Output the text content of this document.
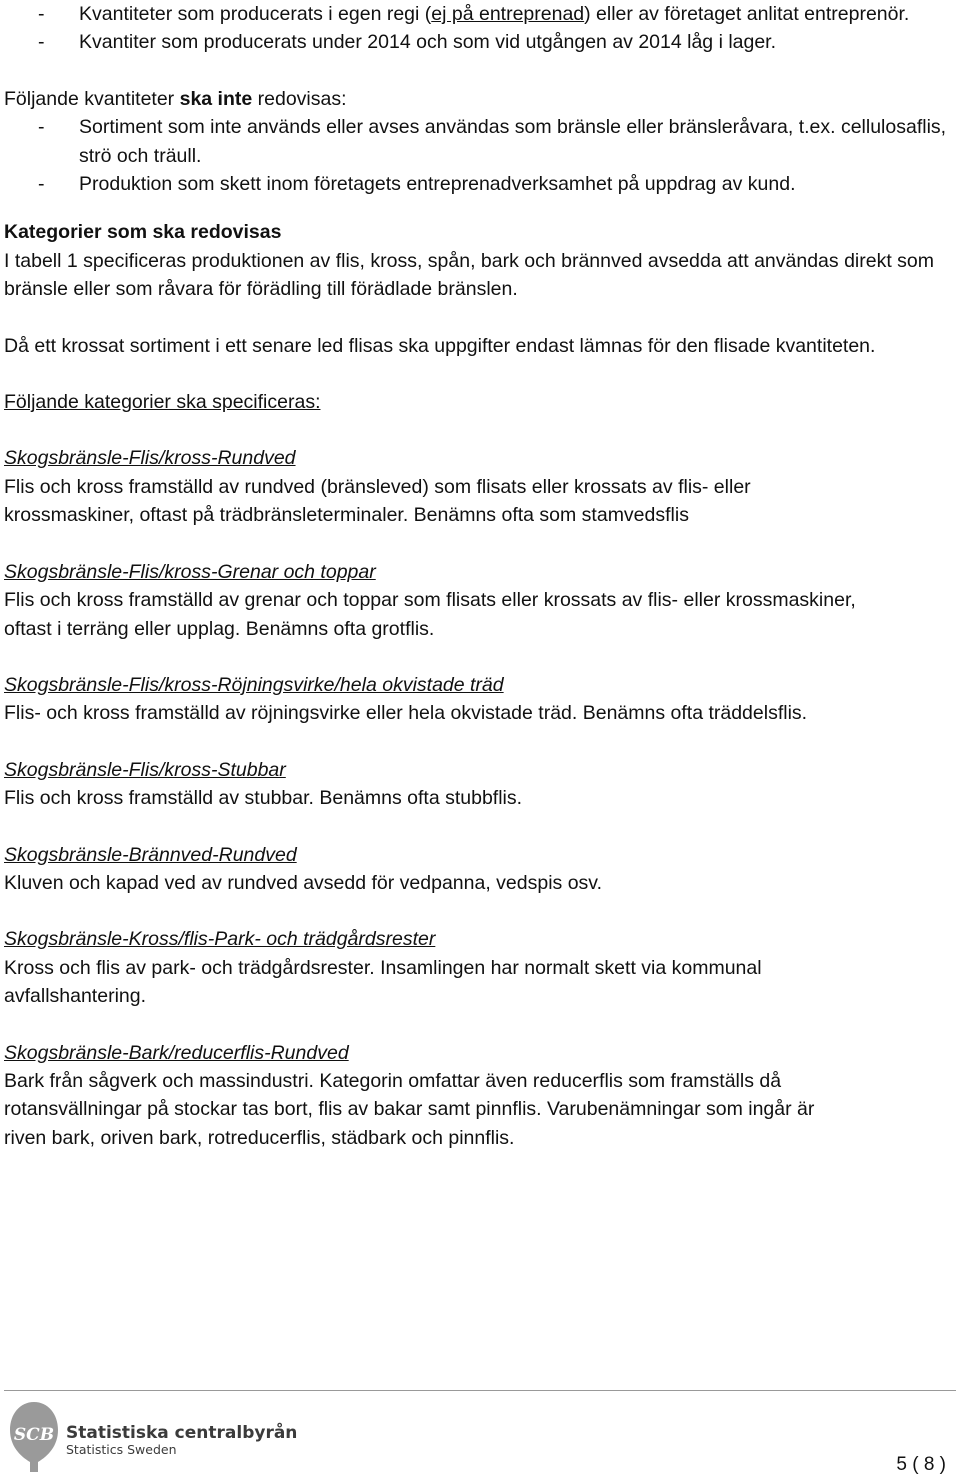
- Kvantiteter som producerats i egen regi (ej på entreprenad) eller av företaget anlitat entreprenör.
- Kvantiter som producerats under 2014 och som vid utgången av 2014 låg i lager.

Följande kvantiteter ska inte redovisas:

- Sortiment som inte används eller avses användas som bränsle eller bränsleråvara, t.ex. cellulosaflis, strö och träull.
- Produktion som skett inom företagets entreprenadverksamhet på uppdrag av kund.

Kategorier som ska redovisas

I tabell 1 specificeras produktionen av flis, kross, spån, bark och brännved avsedda att användas direkt som bränsle eller som råvara för förädling till förädlade bränslen.

Då ett krossat sortiment i ett senare led flisas ska uppgifter endast lämnas för den flisade kvantiteten.

Följande kategorier ska specificeras:

Skogsbränsle-Flis/kross-Rundved

Flis och kross framställd av rundved (bränsleved) som flisats eller krossats av flis- eller krossmaskiner, oftast på trädbränsleterminaler. Benämns ofta som stamvedsflis

Skogsbränsle-Flis/kross-Grenar och toppar

Flis och kross framställd av grenar och toppar som flisats eller krossats av flis- eller krossmaskiner, oftast i terräng eller upplag. Benämns ofta grotflis.

Skogsbränsle-Flis/kross-Röjningsvirke/hela okvistade träd

Flis- och kross framställd av röjningsvirke eller hela okvistade träd. Benämns ofta träddelsflis.

Skogsbränsle-Flis/kross-Stubbar

Flis och kross framställd av stubbar. Benämns ofta stubbflis.

Skogsbränsle-Brännved-Rundved

Kluven och kapad ved av rundved avsedd för vedpanna, vedspis osv.

Skogsbränsle-Kross/flis-Park- och trädgårdsrester

Kross och flis av park- och trädgårdsrester. Insamlingen har normalt skett via kommunal avfallshantering.

Skogsbränsle-Bark/reducerflis-Rundved

Bark från sågverk och massindustri. Kategorin omfattar även reducerflis som framställs då rotansvällningar på stockar tas bort, flis av bakar samt pinnflis. Varubenämningar som ingår är riven bark, oriven bark, rotreducerflis, städbark och pinnflis.

SCB Statistiska centralbyrån
Statistics Sweden
5 ( 8 )
